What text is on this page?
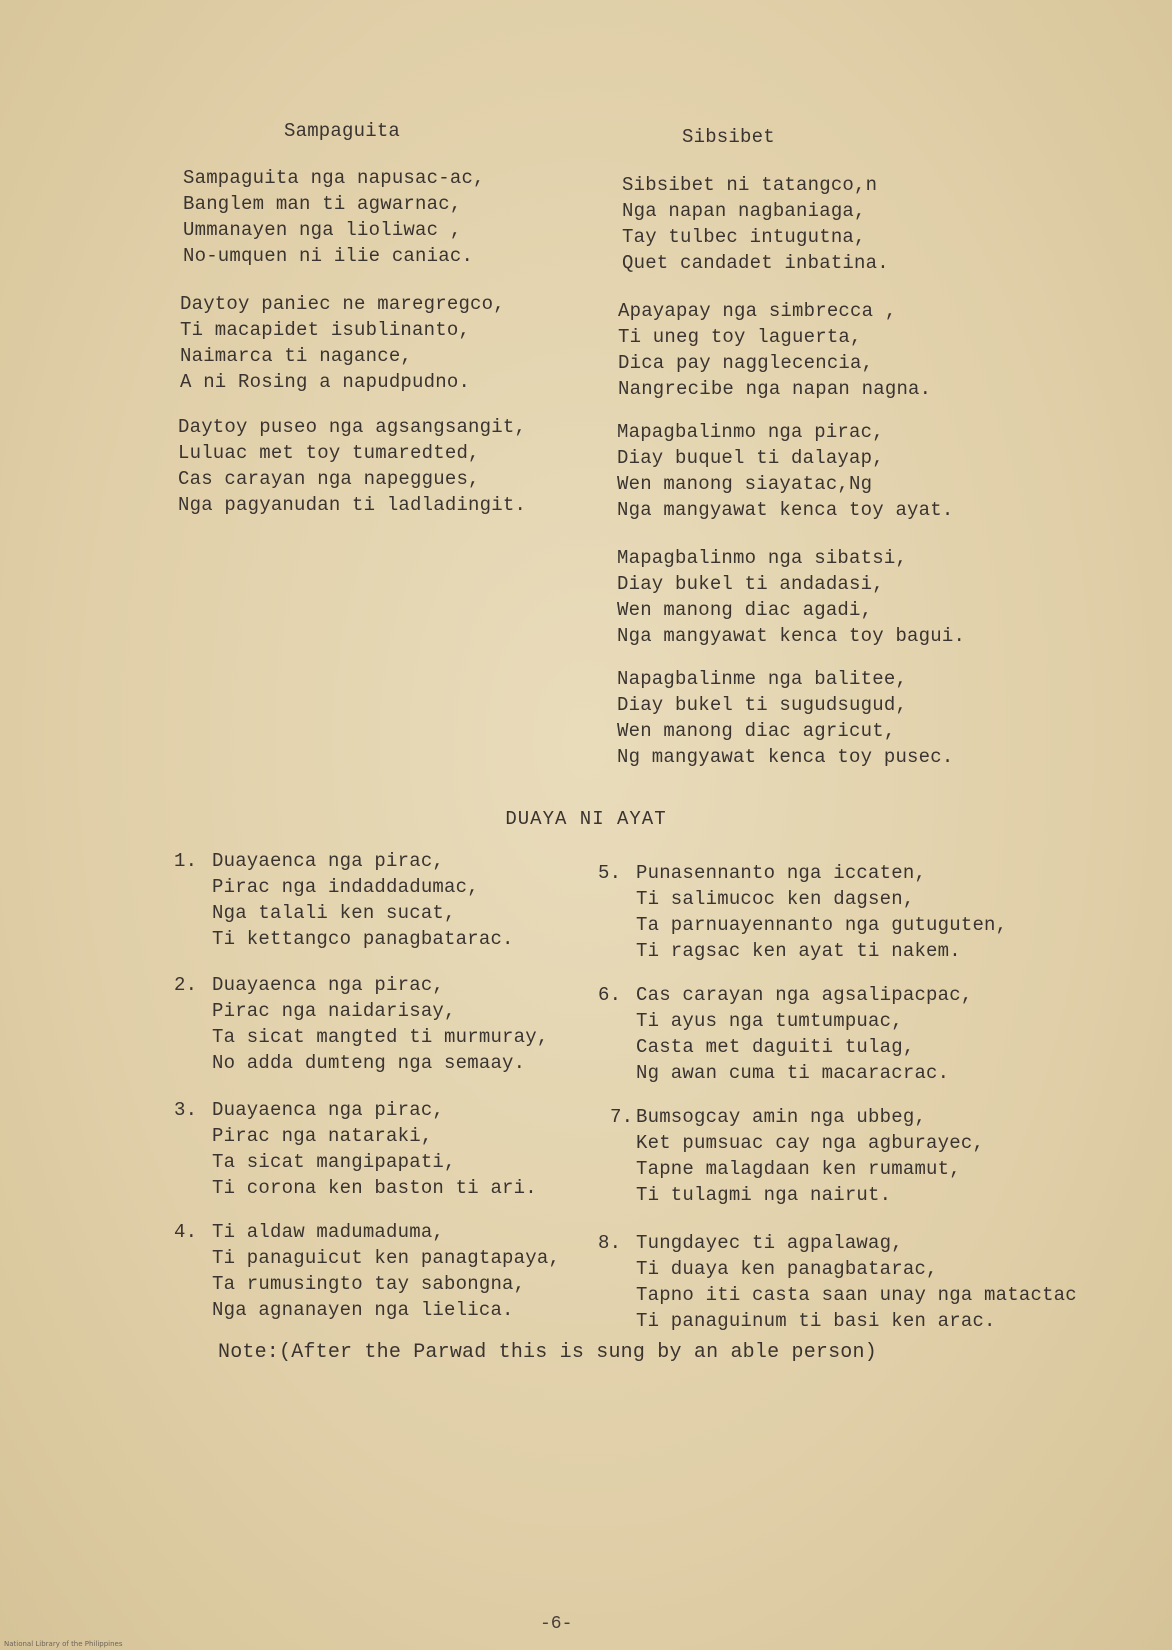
Sampaguita
Sampaguita nga napusac-ac,
Banglem man ti agwarnac,
Ummanayen nga lioliwac ,
No-umquen ni ilie caniac.
Daytoy paniec ne maregregco,
Ti macapidet isublinanto,
Naimarca ti nagance,
A ni Rosing a napudpudno.
Daytoy puseo nga agsangsangit,
Luluac met toy tumaredted,
Cas carayan nga napeggues,
Nga pagyanudan ti ladladingit.
Sibsibet
Sibsibet ni tatangco,n
Nga napan nagbaniaga,
Tay tulbec intugutna,
Quet candadet inbatina.
Apayapay nga simbrecca ,
Ti uneg toy laguerta,
Dica pay nagglecencia,
Nangrecibe nga napan nagna.
Mapagbalinmo nga pirac,
Diay buquel ti dalayap,
Wen manong siayatac,Ng
Nga mangyawat kenca toy ayat.
Mapagbalinmo nga sibatsi,
Diay bukel ti andadasi,
Wen manong diac agadi,
Nga mangyawat kenca toy bagui.
Napagbalinme nga balitee,
Diay bukel ti sugudsugud,
Wen manong diac agricut,
Ng mangyawat kenca toy pusec.
DUAYA NI AYAT
1. Duayaenca nga pirac,
Pirac nga indaddadumac,
Nga talali ken sucat,
Ti kettangco panagbatarac.
2. Duayaenca nga pirac,
Pirac nga naidarisay,
Ta sicat mangted ti murmuray,
No adda dumteng nga semaay.
3. Duayaenca nga pirac,
Pirac nga nataraki,
Ta sicat mangipapati,
Ti corona ken baston ti ari.
4. Ti aldaw madumaduma,
Ti panaguicut ken panagtapaya,
Ta rumusingto tay sabongna,
Nga agnanayen nga lielica.
5. Punasennanto nga iccaten,
Ti salimucoc ken dagsen,
Ta parnuayennanto nga gutuguten,
Ti ragsac ken ayat ti nakem.
6. Cas carayan nga agsalipacpac,
Ti ayus nga tumtumpuac,
Casta met daguiti tulag,
Ng awan cuma ti macaracrac.
7. Bumsogcay amin nga ubbeg,
Ket pumsuac cay nga agburayec,
Tapne malagdaan ken rumamut,
Ti tulagmi nga nairut.
8. Tungdayec ti agpalawag,
Ti duaya ken panagbatarac,
Tapno iti casta saan unay nga matactac
Ti panaguinum ti basi ken arac.
Note:(After the Parwad this is sung by an able person)
-6-
National Library of the Philippines
